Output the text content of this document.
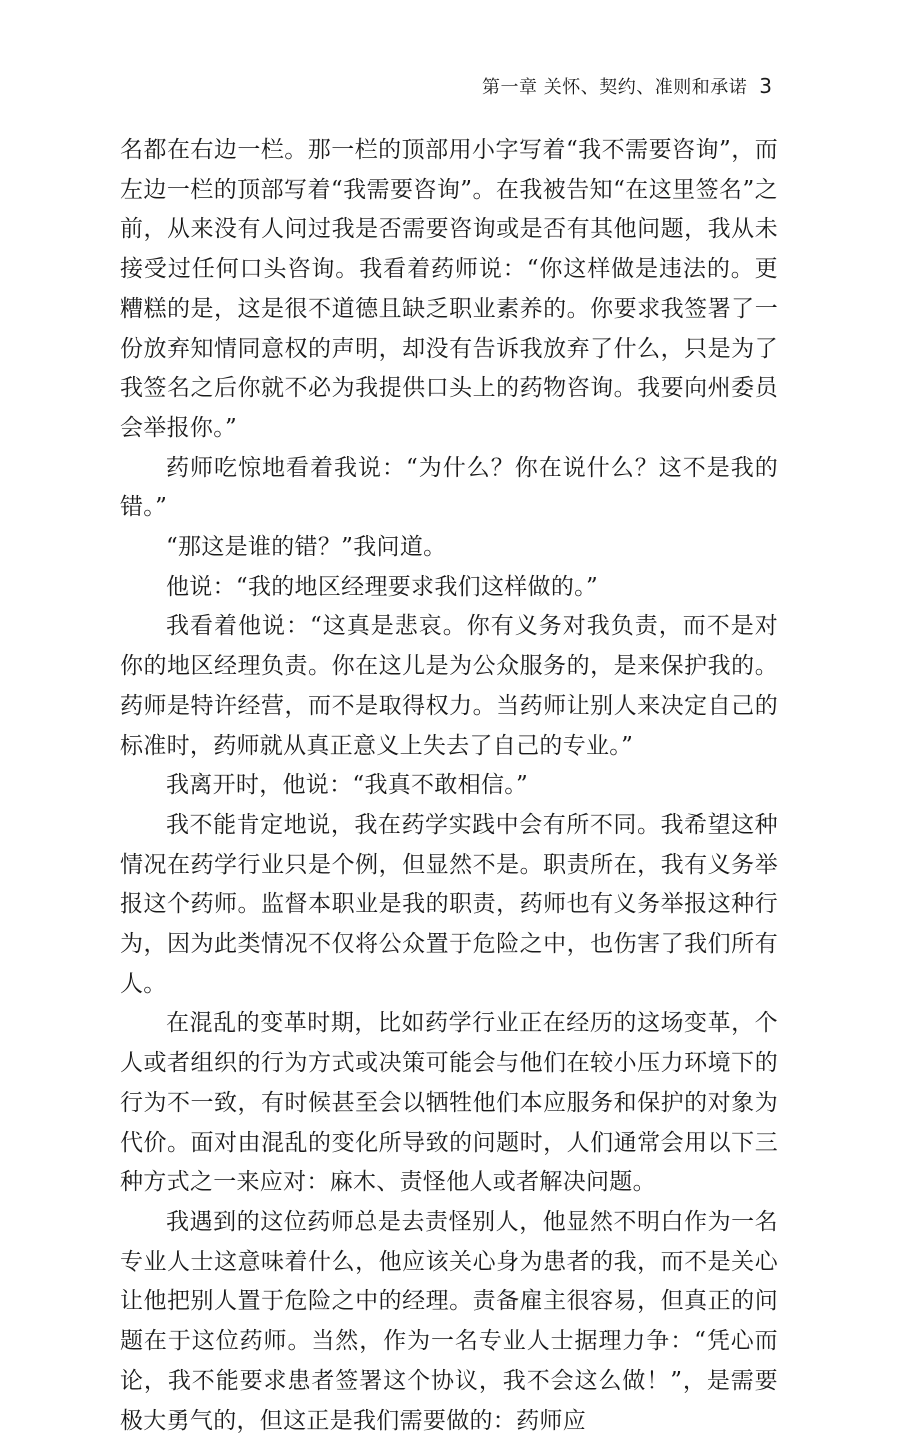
第一章 关怀、契约、准则和承诺 3

名都在右边一栏。那一栏的顶部用小字写着“我不需要咨询”，而左边一栏的顶部写着“我需要咨询”。在我被告知“在这里签名”之前，从来没有人问过我是否需要咨询或是否有其他问题，我从未接受过任何口头咨询。我看着药师说：“你这样做是违法的。更糟糕的是，这是很不道德且缺乏职业素养的。你要求我签署了一份放弃知情同意权的声明，却没有告诉我放弃了什么，只是为了我签名之后你就不必为我提供口头上的药物咨询。我要向州委员会举报你。”

药师吃惊地看着我说：“为什么？你在说什么？这不是我的错。”

“那这是谁的错？”我问道。

他说：“我的地区经理要求我们这样做的。”

我看着他说：“这真是悲哀。你有义务对我负责，而不是对你的地区经理负责。你在这儿是为公众服务的，是来保护我的。药师是特许经营，而不是取得权力。当药师让别人来决定自己的标准时，药师就从真正意义上失去了自己的专业。”

我离开时，他说：“我真不敢相信。”

我不能肯定地说，我在药学实践中会有所不同。我希望这种情况在药学行业只是个例，但显然不是。职责所在，我有义务举报这个药师。监督本职业是我的职责，药师也有义务举报这种行为，因为此类情况不仅将公众置于危险之中，也伤害了我们所有人。

在混乱的变革时期，比如药学行业正在经历的这场变革，个人或者组织的行为方式或决策可能会与他们在较小压力环境下的行为不一致，有时候甚至会以牺牲他们本应服务和保护的对象为代价。面对由混乱的变化所导致的问题时，人们通常会用以下三种方式之一来应对：麻木、责怪他人或者解决问题。

我遇到的这位药师总是去责怪别人，他显然不明白作为一名专业人士这意味着什么，他应该关心身为患者的我，而不是关心让他把别人置于危险之中的经理。责备雇主很容易，但真正的问题在于这位药师。当然，作为一名专业人士据理力争：“凭心而论，我不能要求患者签署这个协议，我不会这么做！”，是需要极大勇气的，但这正是我们需要做的：药师应
